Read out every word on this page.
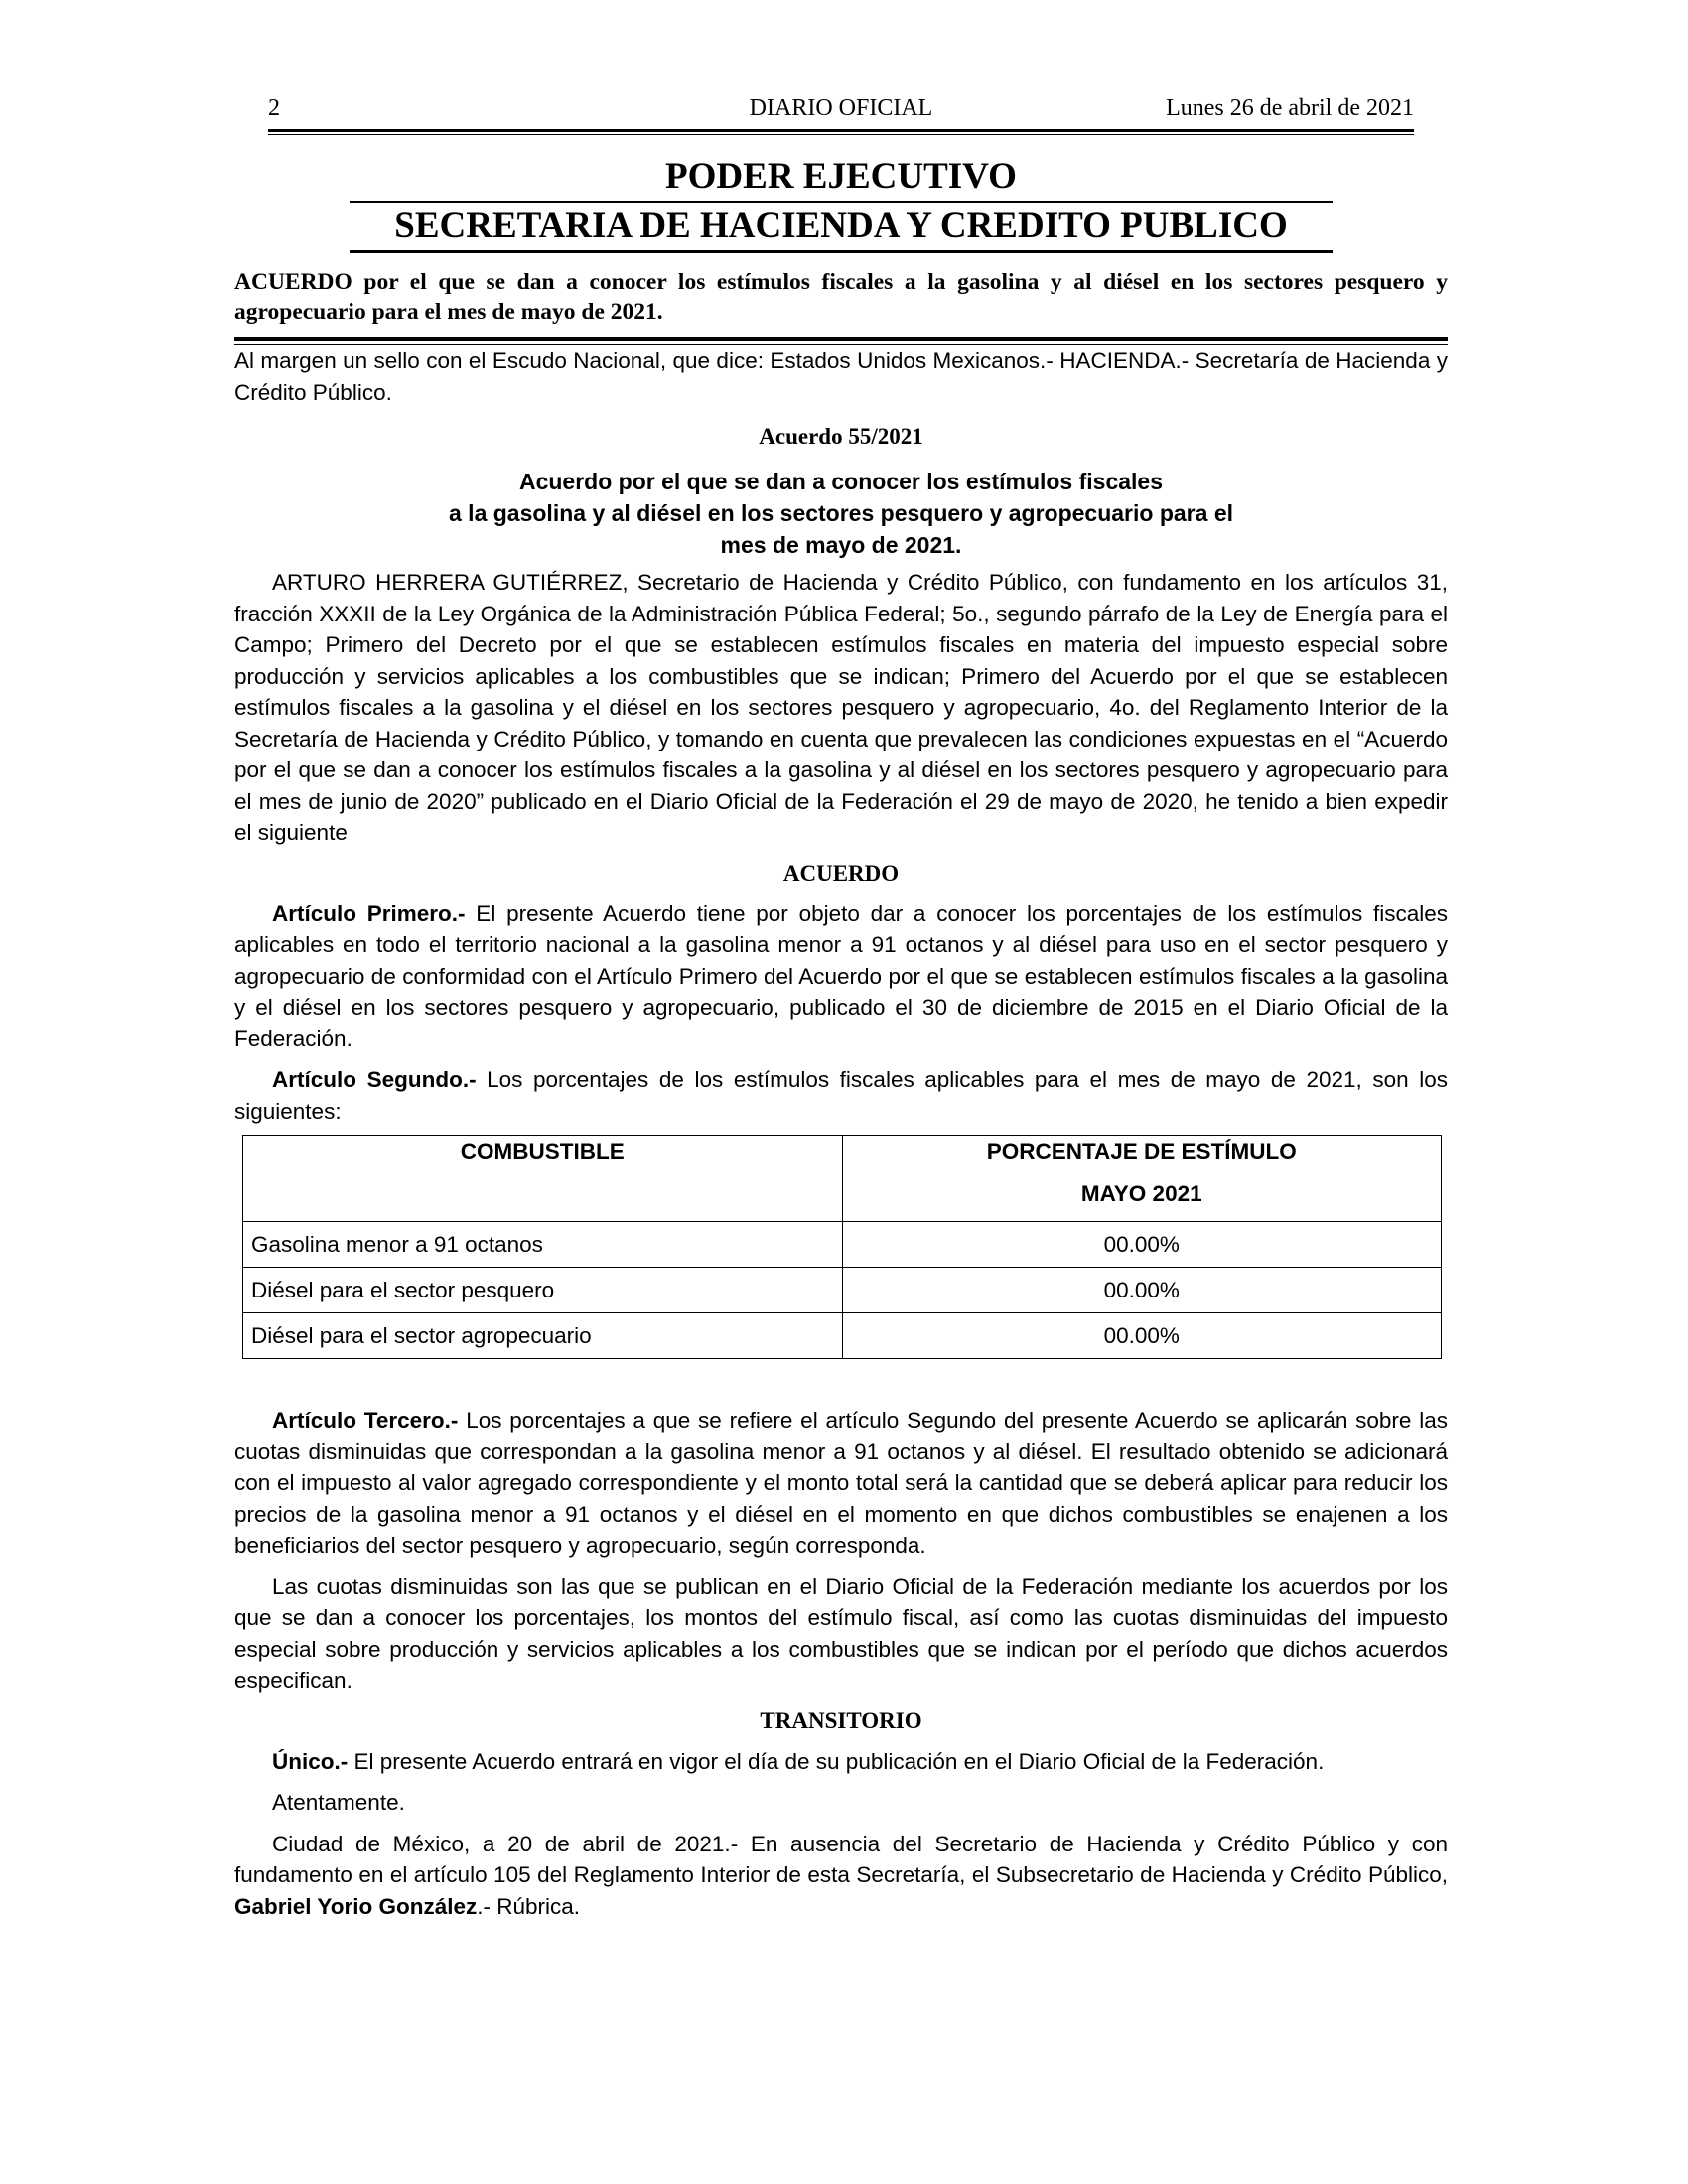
2	DIARIO OFICIAL	Lunes 26 de abril de 2021
PODER EJECUTIVO
SECRETARIA DE HACIENDA Y CREDITO PUBLICO
ACUERDO por el que se dan a conocer los estímulos fiscales a la gasolina y al diésel en los sectores pesquero y agropecuario para el mes de mayo de 2021.

Al margen un sello con el Escudo Nacional, que dice: Estados Unidos Mexicanos.- HACIENDA.- Secretaría de Hacienda y Crédito Público.

Acuerdo 55/2021
Acuerdo por el que se dan a conocer los estímulos fiscales
a la gasolina y al diésel en los sectores pesquero y agropecuario para el
mes de mayo de 2021.

ARTURO HERRERA GUTIÉRREZ, Secretario de Hacienda y Crédito Público, con fundamento en los artículos 31, fracción XXXII de la Ley Orgánica de la Administración Pública Federal; 5o., segundo párrafo de la Ley de Energía para el Campo; Primero del Decreto por el que se establecen estímulos fiscales en materia del impuesto especial sobre producción y servicios aplicables a los combustibles que se indican; Primero del Acuerdo por el que se establecen estímulos fiscales a la gasolina y el diésel en los sectores pesquero y agropecuario, 4o. del Reglamento Interior de la Secretaría de Hacienda y Crédito Público, y tomando en cuenta que prevalecen las condiciones expuestas en el “Acuerdo por el que se dan a conocer los estímulos fiscales a la gasolina y al diésel en los sectores pesquero y agropecuario para el mes de junio de 2020” publicado en el Diario Oficial de la Federación el 29 de mayo de 2020, he tenido a bien expedir el siguiente

ACUERDO

Artículo Primero.- El presente Acuerdo tiene por objeto dar a conocer los porcentajes de los estímulos fiscales aplicables en todo el territorio nacional a la gasolina menor a 91 octanos y al diésel para uso en el sector pesquero y agropecuario de conformidad con el Artículo Primero del Acuerdo por el que se establecen estímulos fiscales a la gasolina y el diésel en los sectores pesquero y agropecuario, publicado el 30 de diciembre de 2015 en el Diario Oficial de la Federación.

Artículo Segundo.- Los porcentajes de los estímulos fiscales aplicables para el mes de mayo de 2021, son los siguientes:

COMBUSTIBLE	PORCENTAJE DE ESTÍMULO
MAYO 2021

Gasolina menor a 91 octanos	00.00%
Diésel para el sector pesquero	00.00%
Diésel para el sector agropecuario	00.00%

Artículo Tercero.- Los porcentajes a que se refiere el artículo Segundo del presente Acuerdo se aplicarán sobre las cuotas disminuidas que correspondan a la gasolina menor a 91 octanos y al diésel. El resultado obtenido se adicionará con el impuesto al valor agregado correspondiente y el monto total será la cantidad que se deberá aplicar para reducir los precios de la gasolina menor a 91 octanos y el diésel en el momento en que dichos combustibles se enajenen a los beneficiarios del sector pesquero y agropecuario, según corresponda.

Las cuotas disminuidas son las que se publican en el Diario Oficial de la Federación mediante los acuerdos por los que se dan a conocer los porcentajes, los montos del estímulo fiscal, así como las cuotas disminuidas del impuesto especial sobre producción y servicios aplicables a los combustibles que se indican por el período que dichos acuerdos especifican.

TRANSITORIO

Único.- El presente Acuerdo entrará en vigor el día de su publicación en el Diario Oficial de la Federación.

Atentamente.

Ciudad de México, a 20 de abril de 2021.- En ausencia del Secretario de Hacienda y Crédito Público y con fundamento en el artículo 105 del Reglamento Interior de esta Secretaría, el Subsecretario de Hacienda y Crédito Público, Gabriel Yorio González.- Rúbrica.
